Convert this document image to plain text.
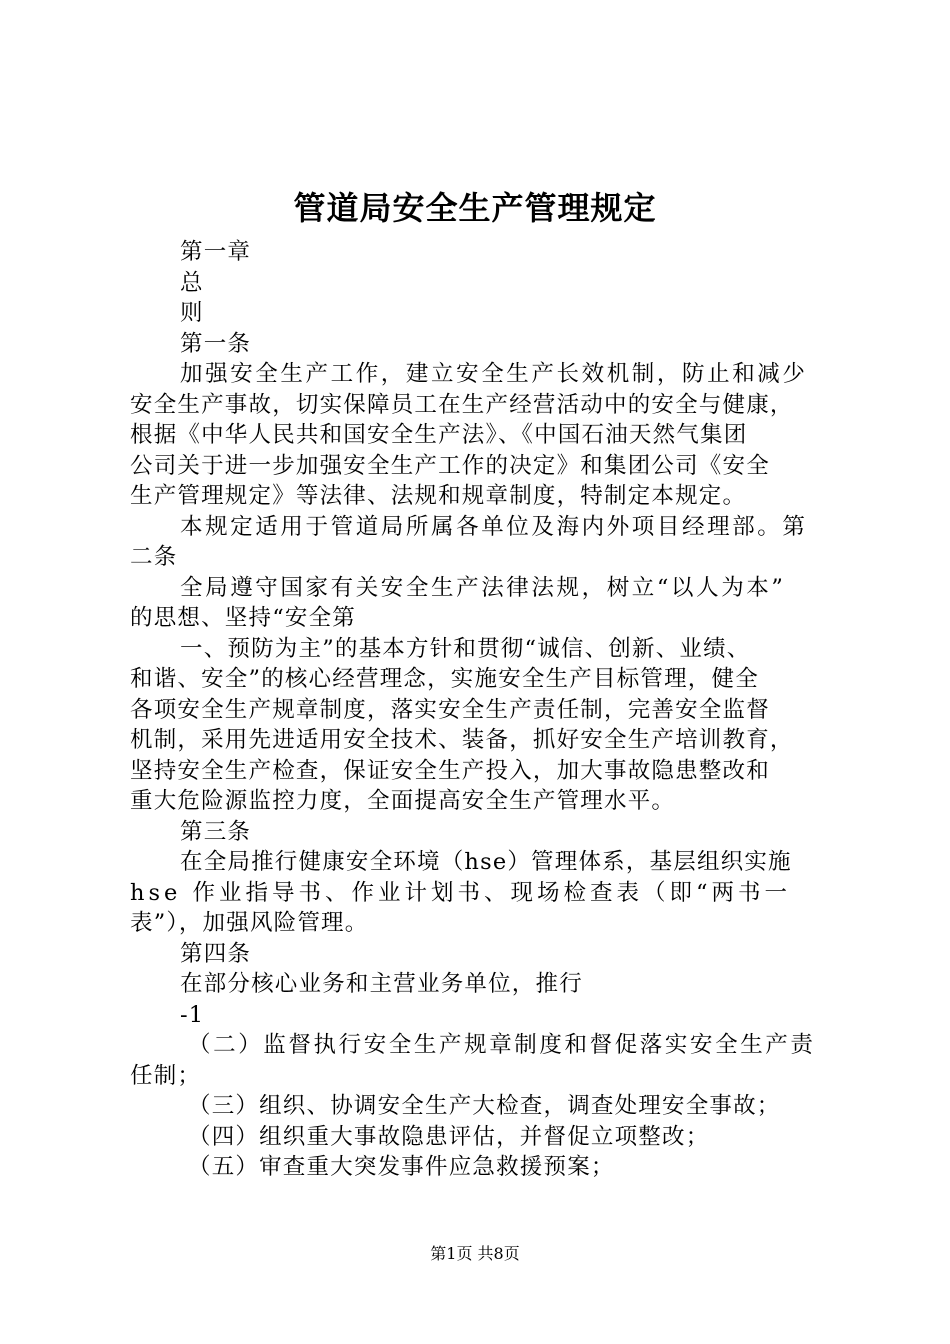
管道局安全生产管理规定
第一章
总
则
第一条
加强安全生产工作，建立安全生产长效机制，防止和减少
安全生产事故，切实保障员工在生产经营活动中的安全与健康，
根据《中华人民共和国安全生产法》、《中国石油天然气集团
公司关于进一步加强安全生产工作的决定》和集团公司《安全
生产管理规定》等法律、法规和规章制度，特制定本规定。
本规定适用于管道局所属各单位及海内外项目经理部。第
二条
全局遵守国家有关安全生产法律法规，树立“以人为本”
的思想、坚持“安全第
一、预防为主”的基本方针和贯彻“诚信、创新、业绩、
和谐、安全”的核心经营理念，实施安全生产目标管理，健全
各项安全生产规章制度，落实安全生产责任制，完善安全监督
机制，采用先进适用安全技术、装备，抓好安全生产培训教育，
坚持安全生产检查，保证安全生产投入，加大事故隐患整改和
重大危险源监控力度，全面提高安全生产管理水平。
第三条
在全局推行健康安全环境（hse）管理体系，基层组织实施
hse 作业指导书、作业计划书、现场检查表（即“两书一
表”），加强风险管理。
第四条
在部分核心业务和主营业务单位，推行
-1
（二）监督执行安全生产规章制度和督促落实安全生产责
任制；
（三）组织、协调安全生产大检查，调查处理安全事故；
（四）组织重大事故隐患评估，并督促立项整改；
（五）审查重大突发事件应急救援预案；
第1页 共8页
